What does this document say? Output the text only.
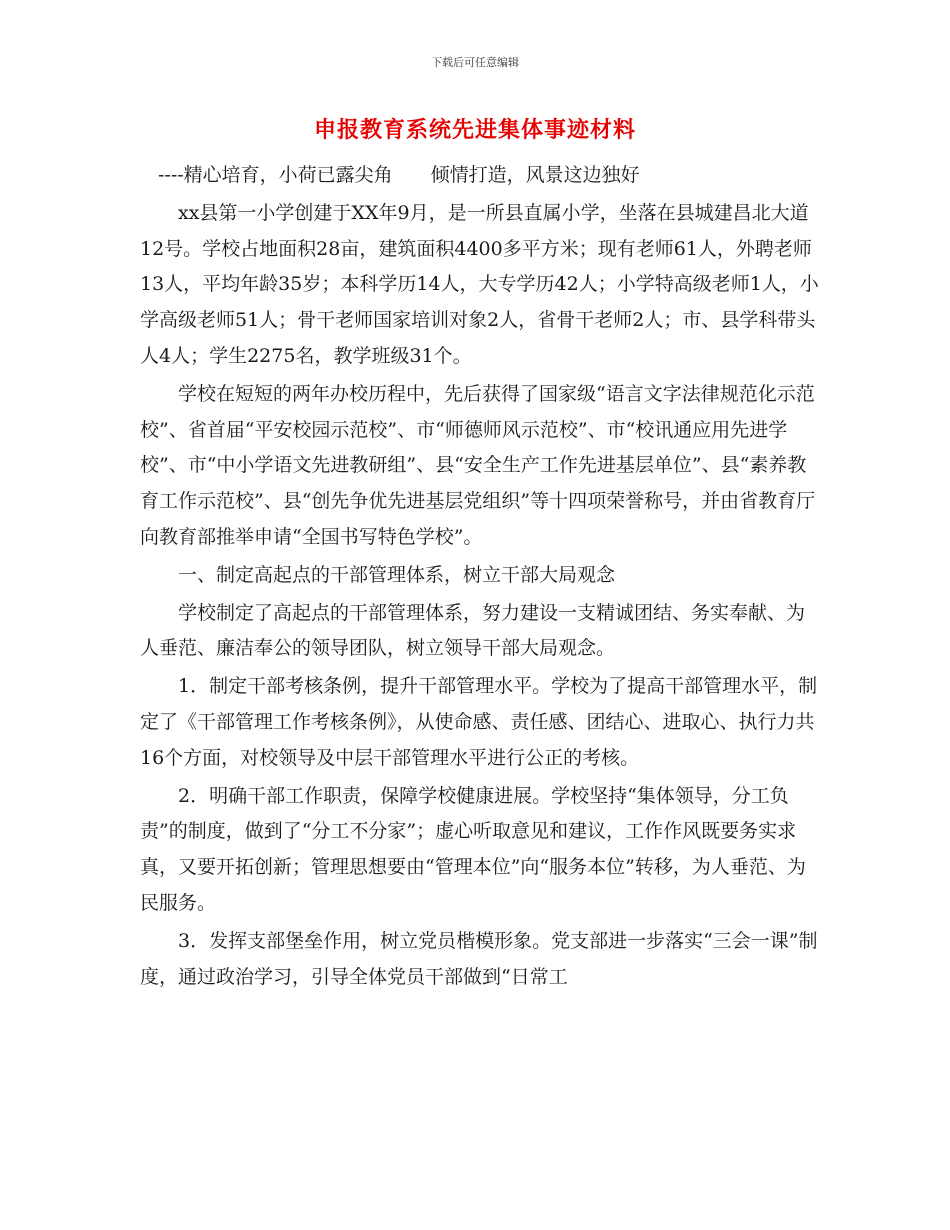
下载后可任意编辑
申报教育系统先进集体事迹材料

----精心培育，小荷已露尖角　　倾情打造，风景这边独好

xx县第一小学创建于XX年9月，是一所县直属小学，坐落在县城建昌北大道12号。学校占地面积28亩，建筑面积4400多平方米；现有老师61人，外聘老师13人，平均年龄35岁；本科学历14人，大专学历42人；小学特高级老师1人，小学高级老师51人；骨干老师国家培训对象2人，省骨干老师2人；市、县学科带头人4人；学生2275名，教学班级31个。

学校在短短的两年办校历程中，先后获得了国家级“语言文字法律规范化示范校”、省首届“平安校园示范校”、市“师德师风示范校”、市“校讯通应用先进学校”、市“中小学语文先进教研组”、县“安全生产工作先进基层单位”、县“素养教育工作示范校”、县“创先争优先进基层党组织”等十四项荣誉称号，并由省教育厅向教育部推举申请“全国书写特色学校”。

一、制定高起点的干部管理体系，树立干部大局观念

学校制定了高起点的干部管理体系，努力建设一支精诚团结、务实奉献、为人垂范、廉洁奉公的领导团队，树立领导干部大局观念。

1．制定干部考核条例，提升干部管理水平。学校为了提高干部管理水平，制定了《干部管理工作考核条例》，从使命感、责任感、团结心、进取心、执行力共16个方面，对校领导及中层干部管理水平进行公正的考核。

2．明确干部工作职责，保障学校健康进展。学校坚持“集体领导，分工负责”的制度，做到了“分工不分家”；虚心听取意见和建议，工作作风既要务实求真，又要开拓创新；管理思想要由“管理本位”向“服务本位”转移，为人垂范、为民服务。

3．发挥支部堡垒作用，树立党员楷模形象。党支部进一步落实“三会一课”制度，通过政治学习，引导全体党员干部做到“日常工
